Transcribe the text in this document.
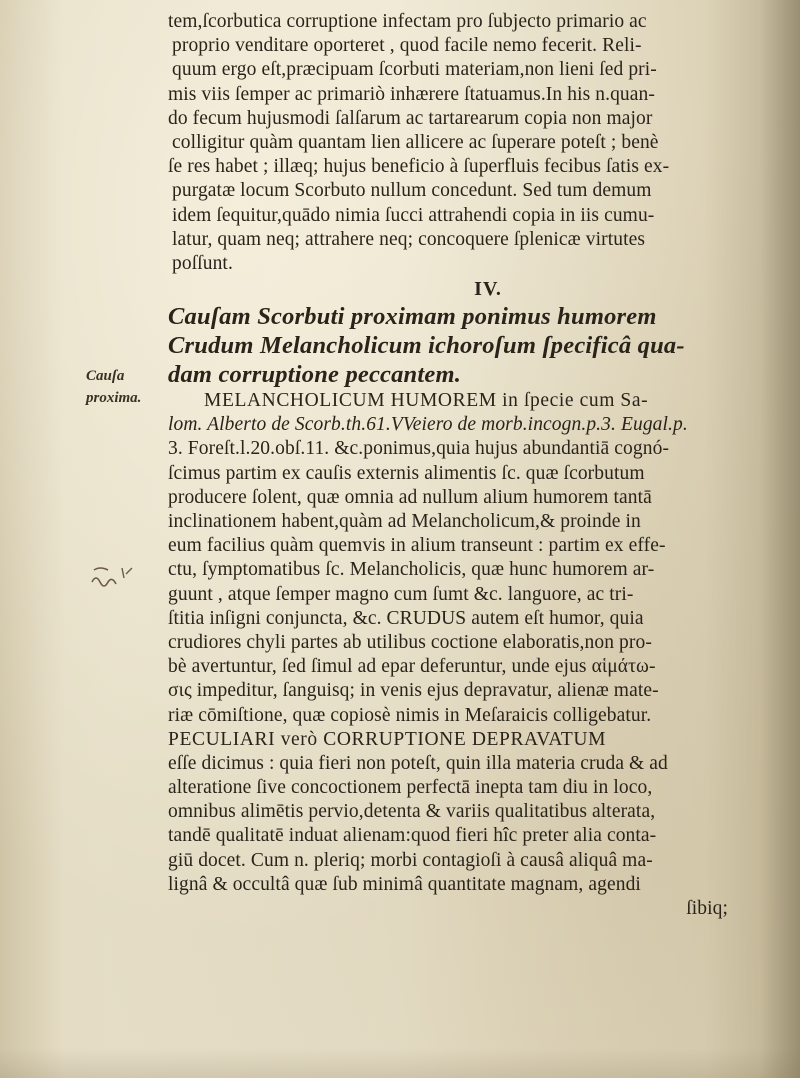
Cauſa
proxima.
tem,ſcorbutica corruptione infectam pro ſubjecto primario ac
proprio venditare oporteret , quod facile nemo fecerit. Reli-
quum ergo eſt,præcipuam ſcorbuti materiam,non lieni ſed pri-
mis viis ſemper ac primariò inhærere ſtatuamus.In his n.quan-
do fecum hujusmodi ſalſarum ac tartarearum copia non major
colligitur quàm quantam lien allicere ac ſuperare poteſt ; benè
ſe res habet ; illæq; hujus beneficio à ſuperfluis fecibus ſatis ex-
purgatæ locum Scorbuto nullum concedunt. Sed tum demum
idem ſequitur,quādo nimia ſucci attrahendi copia in iis cumu-
latur, quam neq; attrahere neq; concoquere ſplenicæ virtutes
poſſunt.
IV.
Cauſam Scorbuti proximam ponimus humorem
Crudum Melancholicum ichoroſum ſpecificâ qua-
dam corruptione peccantem.
MELANCHOLICUM HUMOREM in ſpecie cum Sa-
lom. Alberto de Scorb.th.61.VVeiero de morb.incogn.p.3. Eugal.p.
3. Foreſt.l.20.obſ.11. &c.ponimus,quia hujus abundantiā cognó-
ſcimus partim ex cauſis externis alimentis ſc. quæ ſcorbutum
producere ſolent, quæ omnia ad nullum alium humorem tantā
inclinationem habent,quàm ad Melancholicum,& proinde in
eum facilius quàm quemvis in alium transeunt : partim ex effe-
ctu, ſymptomatibus ſc. Melancholicis, quæ hunc humorem ar-
guunt , atque ſemper magno cum ſumt &c. languore, ac tri-
ſtitia inſigni conjuncta, &c. CRUDUS autem eſt humor, quia
crudiores chyli partes ab utilibus coctione elaboratis,non pro-
bè avertuntur, ſed ſimul ad epar deferuntur, unde ejus αἱμάτω-
σις impeditur, ſanguisq; in venis ejus depravatur, alienæ mate-
riæ cōmiſtione, quæ copiosè nimis in Meſaraicis colligebatur.
PECULIARI verò CORRUPTIONE DEPRAVATUM
eſſe dicimus : quia fieri non poteſt, quin illa materia cruda & ad
alteratione ſive concoctionem perfectā inepta tam diu in loco,
omnibus alimētis pervio,detenta & variis qualitatibus alterata,
tandē qualitatē induat alienam:quod fieri hîc preter alia conta-
giū docet. Cum n. pleriq; morbi contagioſi à causâ aliquâ ma-
lignâ & occultâ quæ ſub minimâ quantitate magnam, agendi
ſibiq;
